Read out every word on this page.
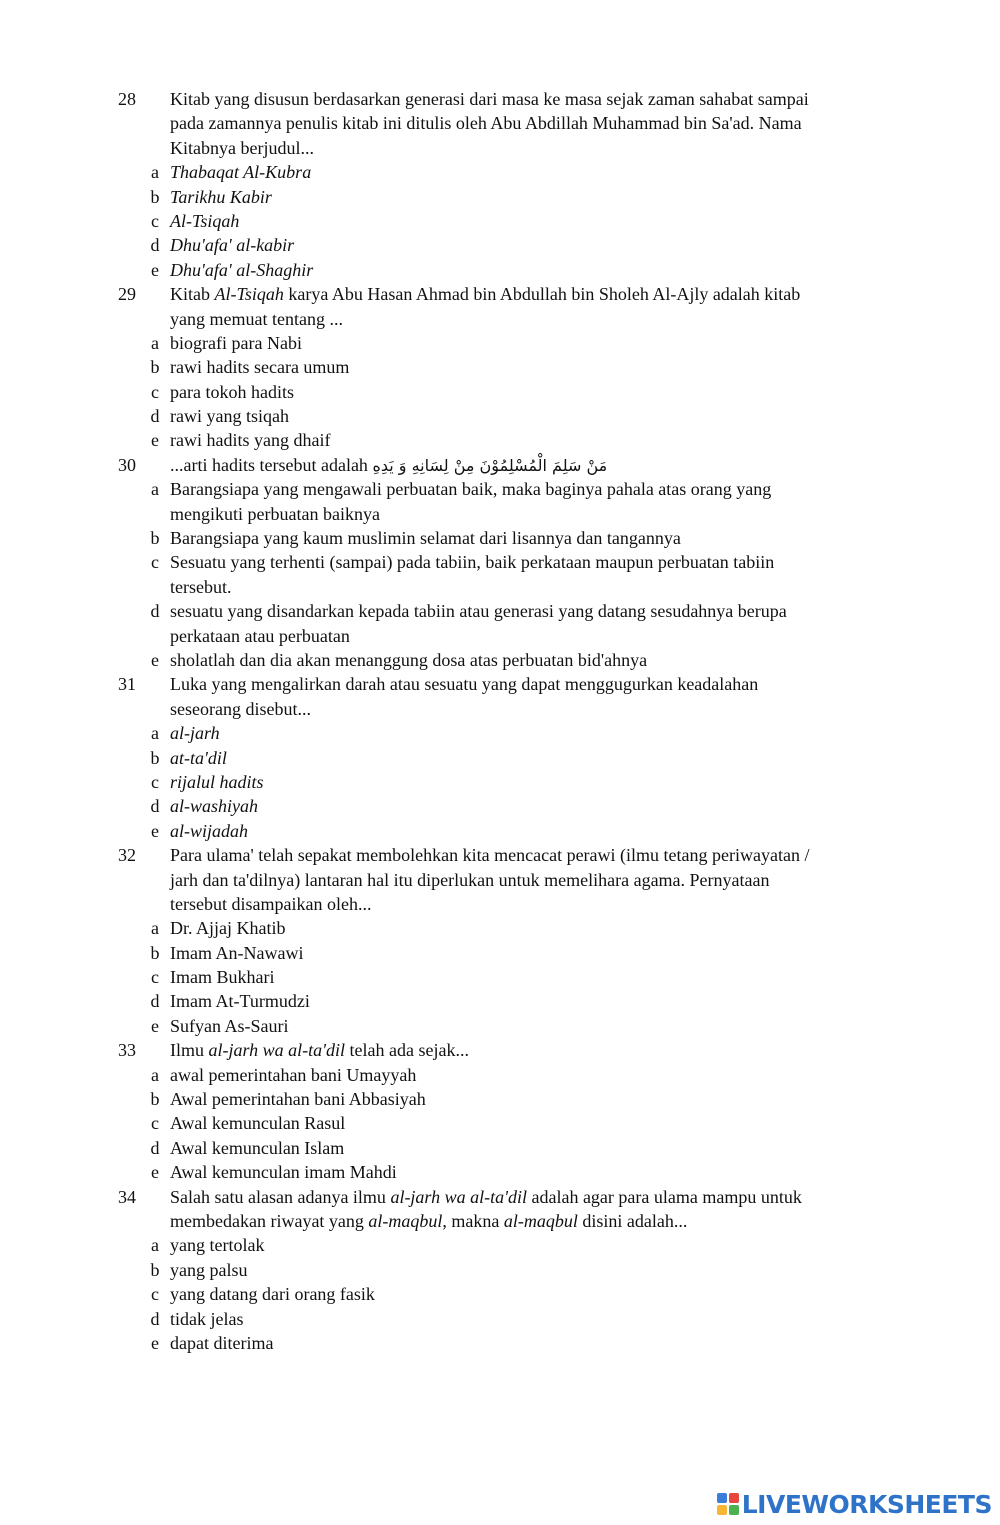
28 Kitab yang disusun berdasarkan generasi dari masa ke masa sejak zaman sahabat sampai
pada zamannya penulis kitab ini ditulis oleh Abu Abdillah Muhammad bin Sa'ad. Nama
Kitabnya berjudul...
a Thabaqat Al-Kubra
b Tarikhu Kabir
c Al-Tsiqah
d Dhu'afa' al-kabir
e Dhu'afa' al-Shaghir
29 Kitab Al-Tsiqah karya Abu Hasan Ahmad bin Abdullah bin Sholeh Al-Ajly adalah kitab
yang memuat tentang ...
a biografi para Nabi
b rawi hadits secara umum
c para tokoh hadits
d rawi yang tsiqah
e rawi hadits yang dhaif
30 ...arti hadits tersebut adalah مَنْ سَلِمَ الْمُسْلِمُوْنَ مِنْ لِسَانِهِ وَ يَدِهِ
a Barangsiapa yang mengawali perbuatan baik, maka baginya pahala atas orang yang
mengikuti perbuatan baiknya
b Barangsiapa yang kaum muslimin selamat dari lisannya dan tangannya
c Sesuatu yang terhenti (sampai) pada tabiin, baik perkataan maupun perbuatan tabiin
tersebut.
d sesuatu yang disandarkan kepada tabiin atau generasi yang datang sesudahnya berupa
perkataan atau perbuatan
e sholatlah dan dia akan menanggung dosa atas perbuatan bid'ahnya
31 Luka yang mengalirkan darah atau sesuatu yang dapat menggugurkan keadalahan
seseorang disebut...
a al-jarh
b at-ta'dil
c rijalul hadits
d al-washiyah
e al-wijadah
32 Para ulama' telah sepakat membolehkan kita mencacat perawi (ilmu tetang periwayatan /
jarh dan ta'dilnya) lantaran hal itu diperlukan untuk memelihara agama. Pernyataan
tersebut disampaikan oleh...
a Dr. Ajjaj Khatib
b Imam An-Nawawi
c Imam Bukhari
d Imam At-Turmudzi
e Sufyan As-Sauri
33 Ilmu al-jarh wa al-ta'dil telah ada sejak...
a awal pemerintahan bani Umayyah
b Awal pemerintahan bani Abbasiyah
c Awal kemunculan Rasul
d Awal kemunculan Islam
e Awal kemunculan imam Mahdi
34 Salah satu alasan adanya ilmu al-jarh wa al-ta'dil adalah agar para ulama mampu untuk
membedakan riwayat yang al-maqbul, makna al-maqbul disini adalah...
a yang tertolak
b yang palsu
c yang datang dari orang fasik
d tidak jelas
e dapat diterima
LIVEWORKSHEETS
